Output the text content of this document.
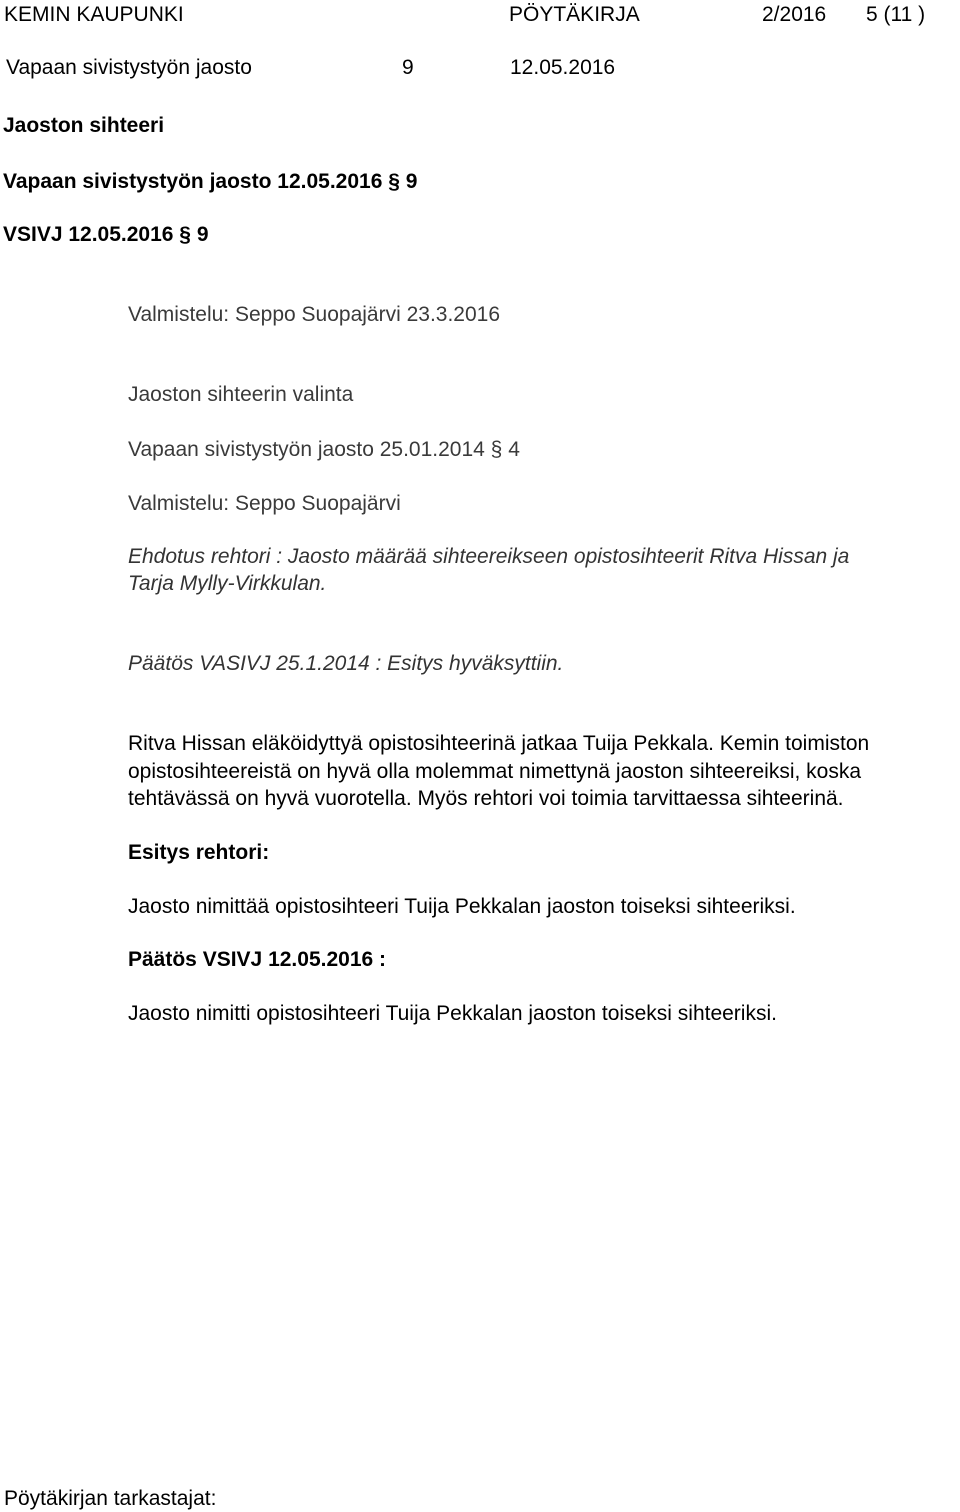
KEMIN KAUPUNKI	PÖYTÄKIRJA	2/2016 5 (11 )
Vapaan sivistystyön jaosto	9	12.05.2016
Jaoston sihteeri
Vapaan sivistystyön jaosto 12.05.2016 § 9
VSIVJ 12.05.2016 § 9
Valmistelu: Seppo Suopajärvi 23.3.2016
Jaoston sihteerin valinta
Vapaan sivistystyön jaosto 25.01.2014 § 4
Valmistelu: Seppo Suopajärvi
Ehdotus rehtori : Jaosto määrää sihteereikseen opistosihteerit Ritva Hissan ja
Tarja Mylly-Virkkulan.
Päätös VASIVJ 25.1.2014 : Esitys hyväksyttiin.
Ritva Hissan eläköidyttyä opistosihteerinä jatkaa Tuija Pekkala. Kemin toimiston
opistosihteereistä on hyvä olla molemmat nimettynä jaoston sihteereiksi, koska
tehtävässä on hyvä vuorotella. Myös rehtori voi toimia tarvittaessa sihteerinä.
Esitys rehtori:
Jaosto nimittää opistosihteeri Tuija Pekkalan jaoston toiseksi sihteeriksi.
Päätös VSIVJ 12.05.2016 :
Jaosto nimitti opistosihteeri Tuija Pekkalan jaoston toiseksi sihteeriksi.
Pöytäkirjan tarkastajat:
